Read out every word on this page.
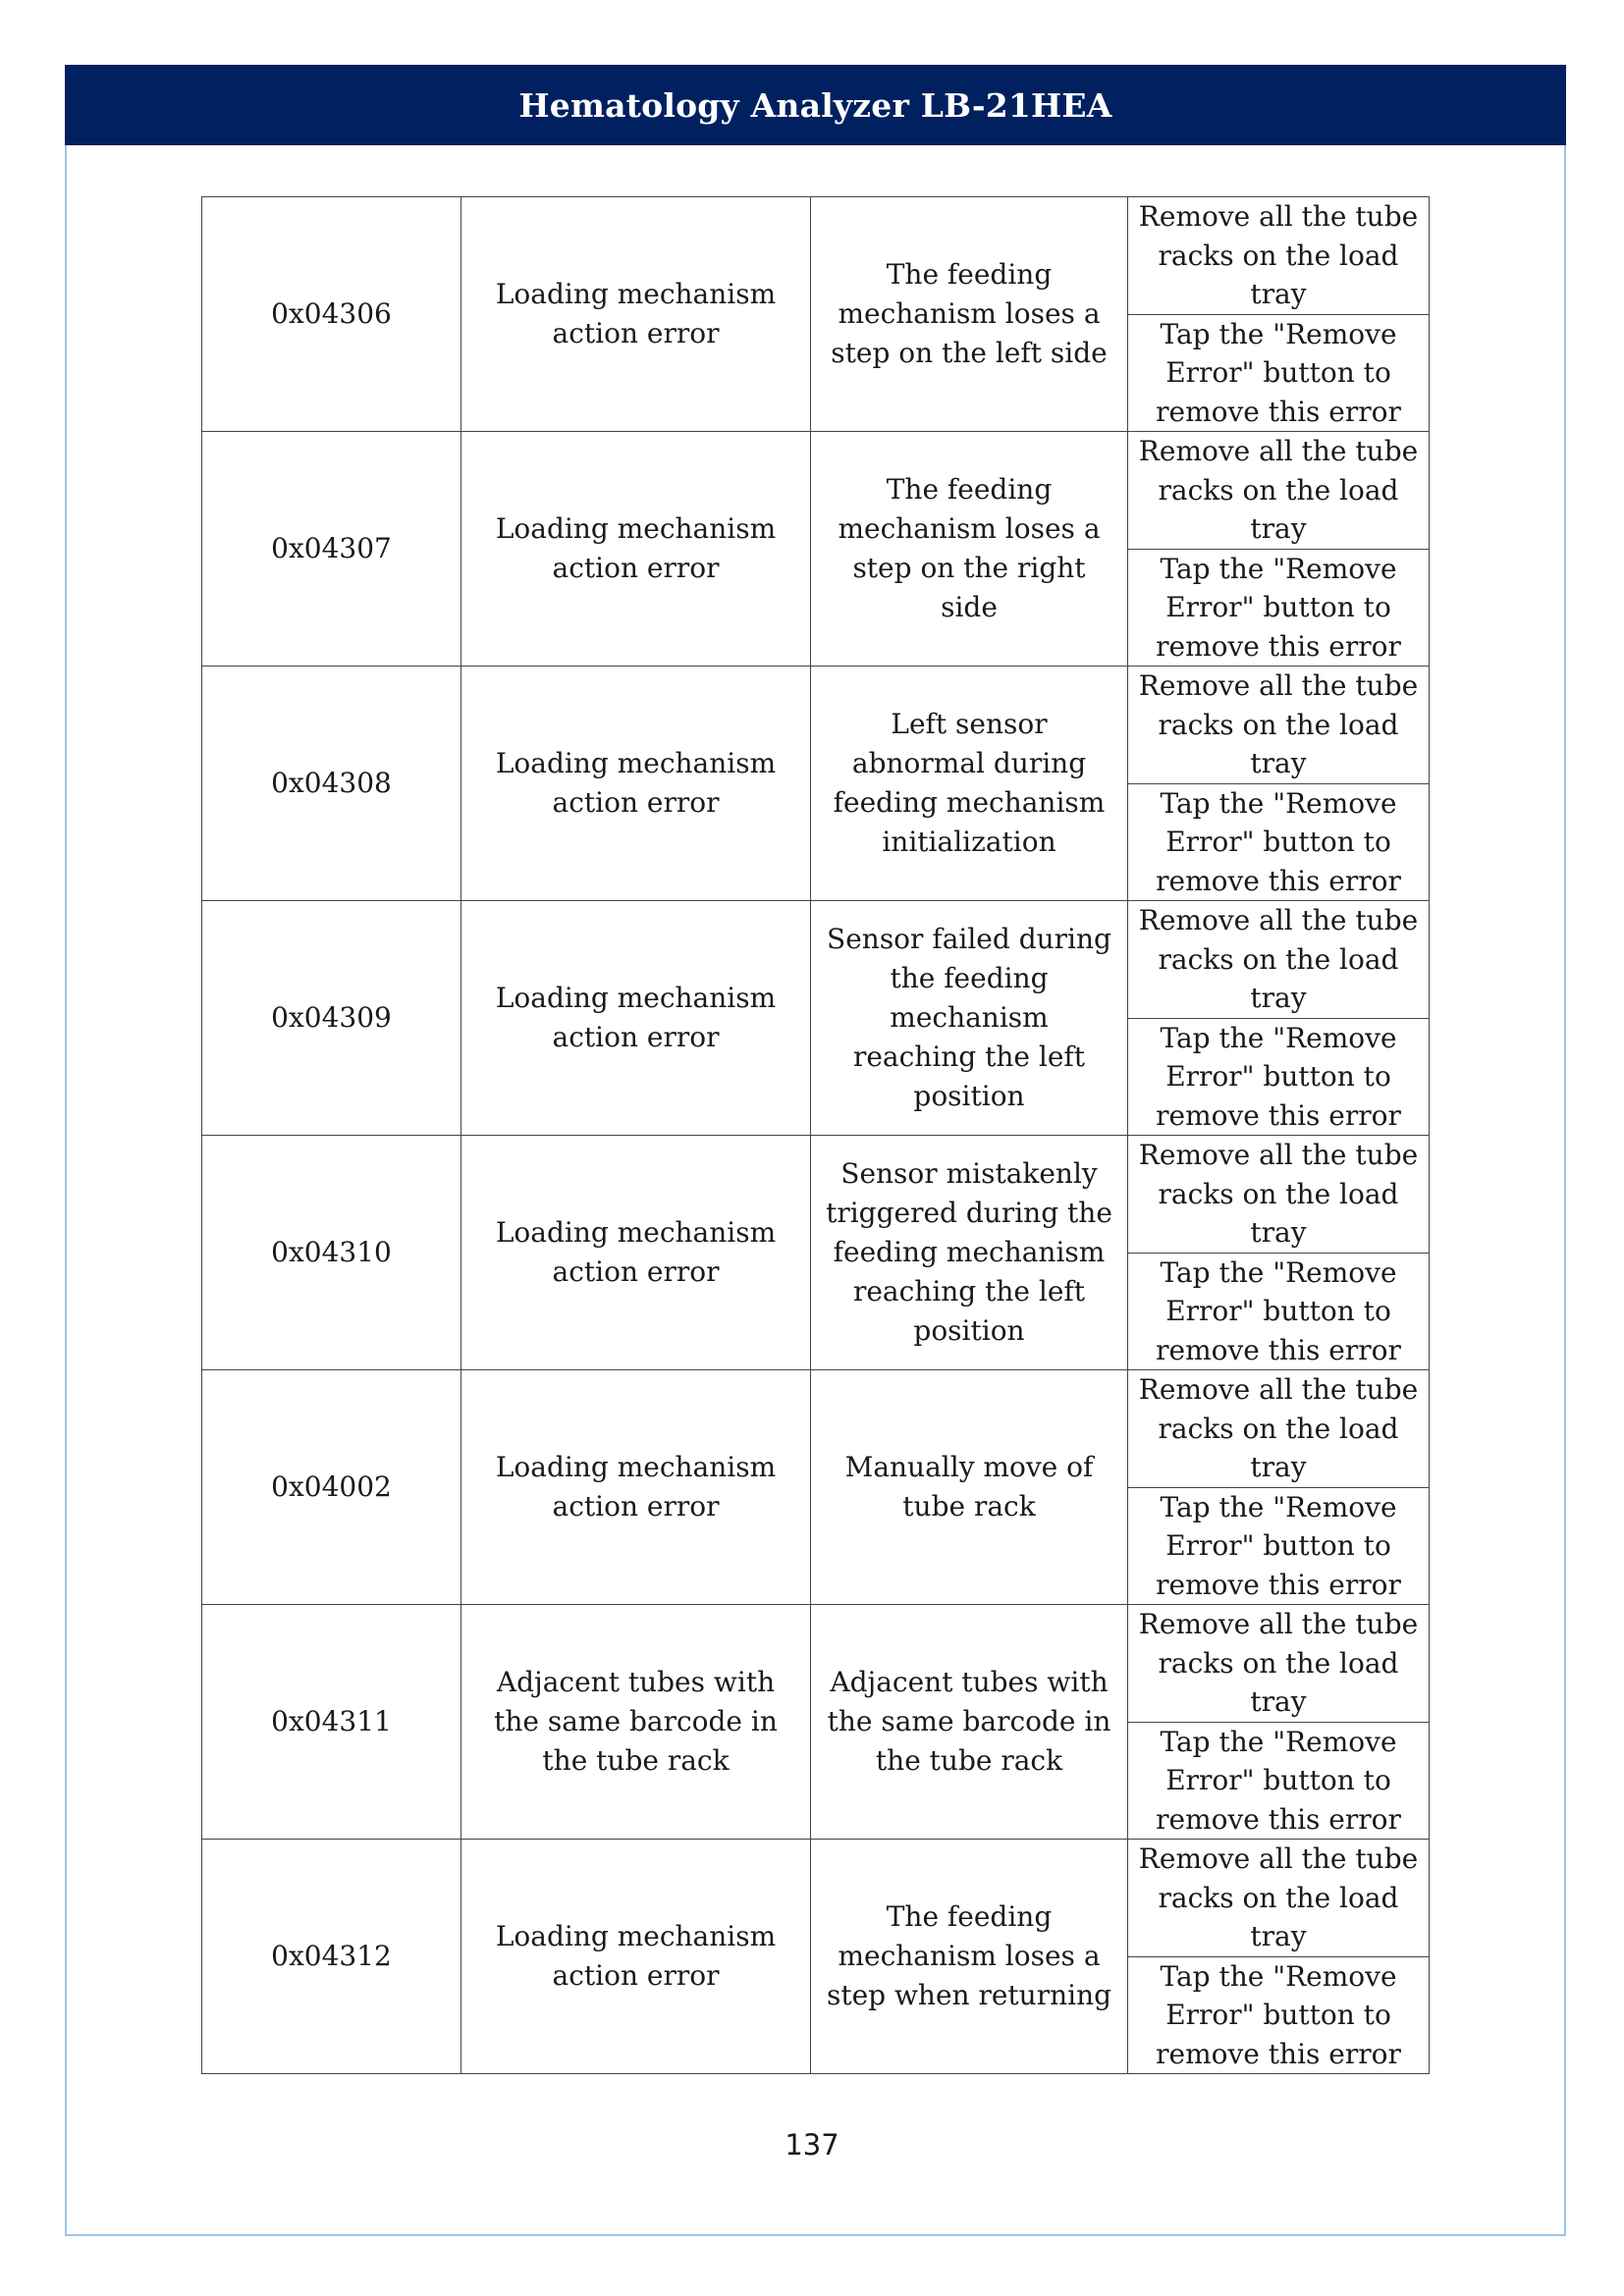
Hematology Analyzer LB-21HEA
0x04306	Loading mechanism action error	The feeding mechanism loses a step on the left side	Remove all the tube racks on the load tray
			Tap the "Remove Error" button to remove this error
0x04307	Loading mechanism action error	The feeding mechanism loses a step on the right side	Remove all the tube racks on the load tray
			Tap the "Remove Error" button to remove this error
0x04308	Loading mechanism action error	Left sensor abnormal during feeding mechanism initialization	Remove all the tube racks on the load tray
			Tap the "Remove Error" button to remove this error
0x04309	Loading mechanism action error	Sensor failed during the feeding mechanism reaching the left position	Remove all the tube racks on the load tray
			Tap the "Remove Error" button to remove this error
0x04310	Loading mechanism action error	Sensor mistakenly triggered during the feeding mechanism reaching the left position	Remove all the tube racks on the load tray
			Tap the "Remove Error" button to remove this error
0x04002	Loading mechanism action error	Manually move of tube rack	Remove all the tube racks on the load tray
			Tap the "Remove Error" button to remove this error
0x04311	Adjacent tubes with the same barcode in the tube rack	Adjacent tubes with the same barcode in the tube rack	Remove all the tube racks on the load tray
			Tap the "Remove Error" button to remove this error
0x04312	Loading mechanism action error	The feeding mechanism loses a step when returning	Remove all the tube racks on the load tray
			Tap the "Remove Error" button to remove this error
137
